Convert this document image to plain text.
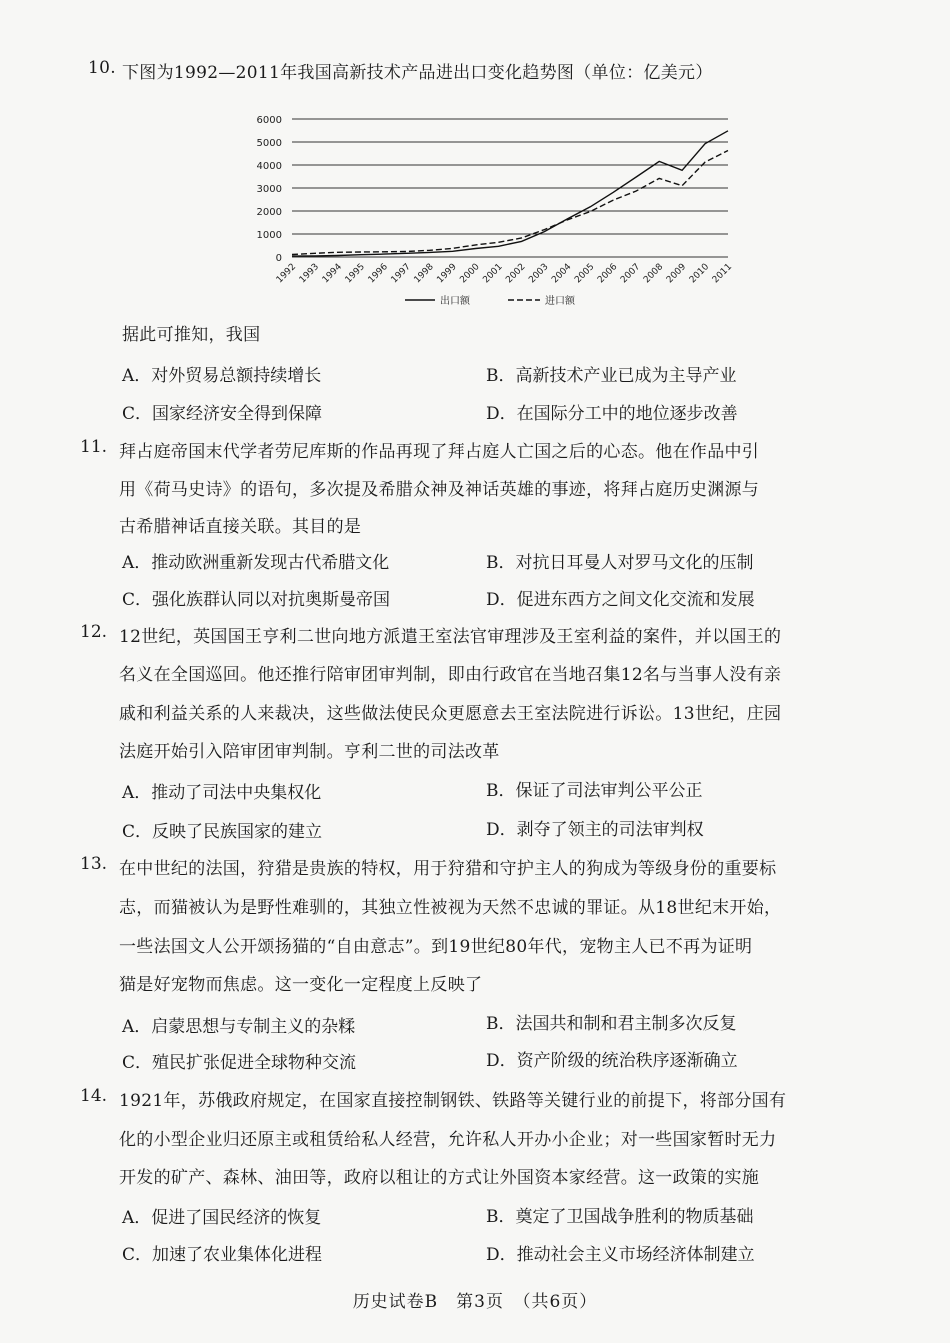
10. 下图为1992—2011年我国高新技术产品进出口变化趋势图（单位：亿美元）
0
1000
2000
3000
4000
5000
6000
1992 1993 1994 1995 1996 1997 1998 1999 2000 2001 2002 2003 2004 2005 2006 2007 2008 2009 2010 2011
出口额	进口额
据此可推知，我国
A．对外贸易总额持续增长	B．高新技术产业已成为主导产业
C．国家经济安全得到保障	D．在国际分工中的地位逐步改善
11. 拜占庭帝国末代学者劳尼库斯的作品再现了拜占庭人亡国之后的心态。他在作品中引
用《荷马史诗》的语句，多次提及希腊众神及神话英雄的事迹，将拜占庭历史渊源与
古希腊神话直接关联。其目的是
A．推动欧洲重新发现古代希腊文化	B．对抗日耳曼人对罗马文化的压制
C．强化族群认同以对抗奥斯曼帝国	D．促进东西方之间文化交流和发展
12. 12世纪，英国国王亨利二世向地方派遣王室法官审理涉及王室利益的案件，并以国王的
名义在全国巡回。他还推行陪审团审判制，即由行政官在当地召集12名与当事人没有亲
戚和利益关系的人来裁决，这些做法使民众更愿意去王室法院进行诉讼。13世纪，庄园
法庭开始引入陪审团审判制。亨利二世的司法改革
A．推动了司法中央集权化	B．保证了司法审判公平公正
C．反映了民族国家的建立	D．剥夺了领主的司法审判权
13. 在中世纪的法国，狩猎是贵族的特权，用于狩猎和守护主人的狗成为等级身份的重要标
志，而猫被认为是野性难驯的，其独立性被视为天然不忠诚的罪证。从18世纪末开始，
一些法国文人公开颂扬猫的“自由意志”。到19世纪80年代，宠物主人已不再为证明
猫是好宠物而焦虑。这一变化一定程度上反映了
A．启蒙思想与专制主义的杂糅	B．法国共和制和君主制多次反复
C．殖民扩张促进全球物种交流	D．资产阶级的统治秩序逐渐确立
14. 1921年，苏俄政府规定，在国家直接控制钢铁、铁路等关键行业的前提下，将部分国有
化的小型企业归还原主或租赁给私人经营，允许私人开办小企业；对一些国家暂时无力
开发的矿产、森林、油田等，政府以租让的方式让外国资本家经营。这一政策的实施
A．促进了国民经济的恢复	B．奠定了卫国战争胜利的物质基础
C．加速了农业集体化进程	D．推动社会主义市场经济体制建立
历史试卷B　第3页　（共6页）
